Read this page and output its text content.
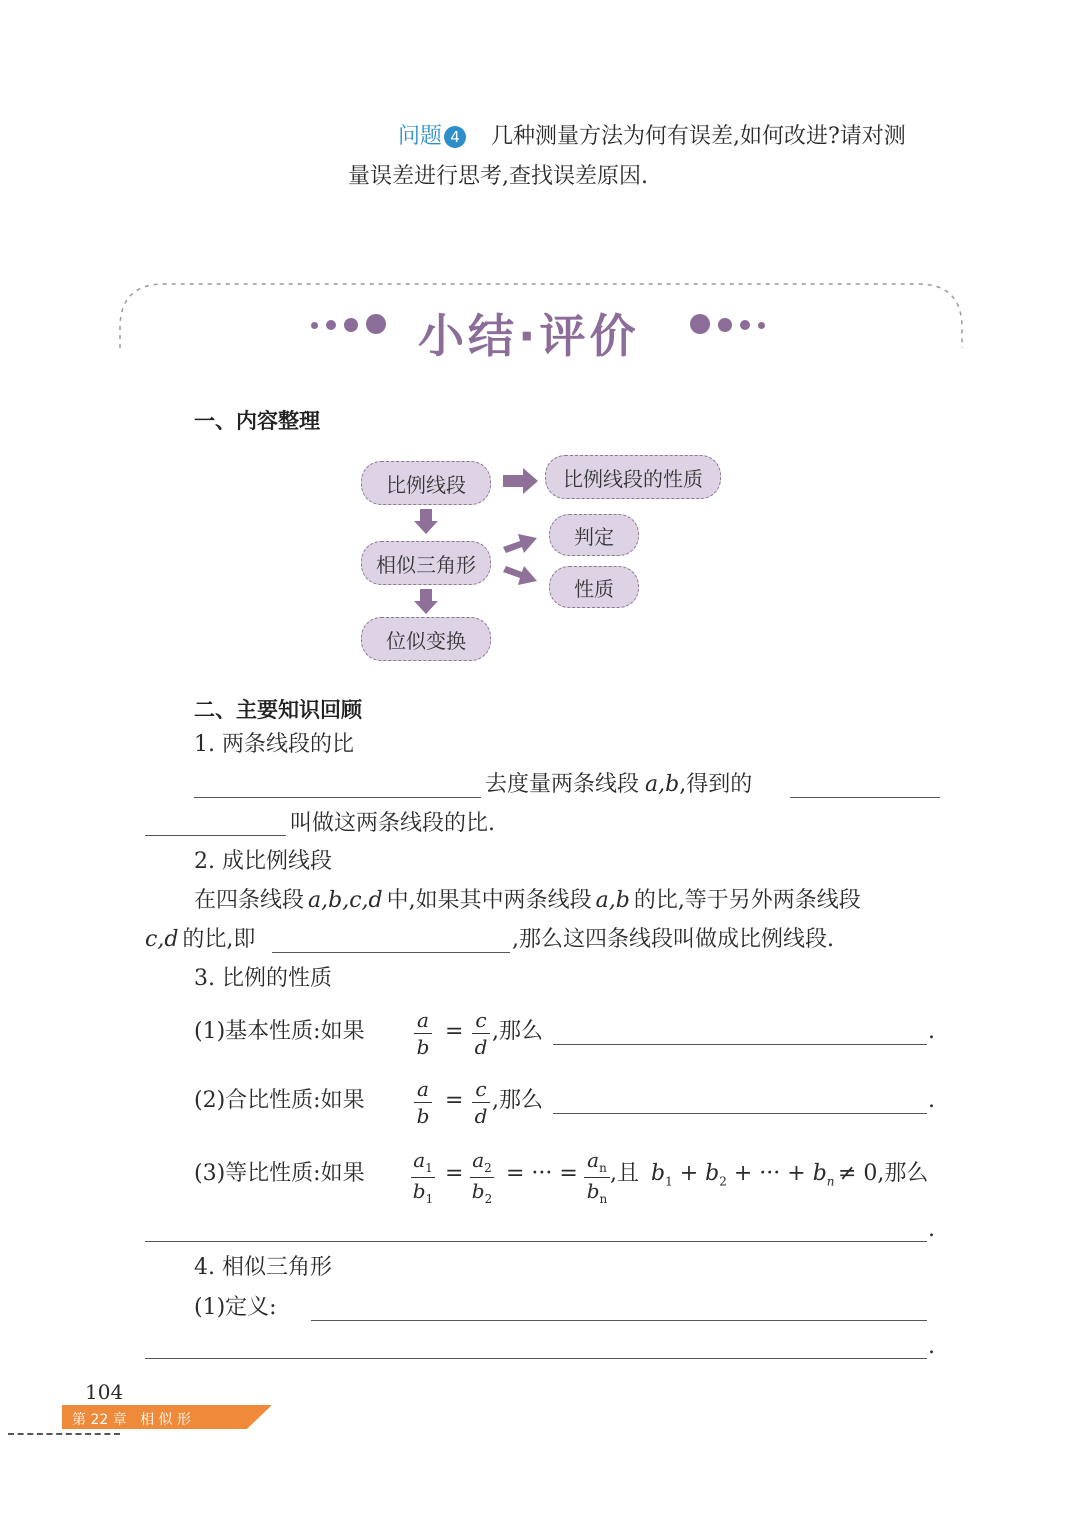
问题 4 几种测量方法为何有误差,如何改进?请对测
量误差进行思考,查找误差原因.
小结·评价
一、内容整理
比例线段	比例线段的性质
相似三角形
判定
性质
位似变换
二、主要知识回顾
1. 两条线段的比
去度量两条线段 a,b,得到的
叫做这两条线段的比.
2. 成比例线段
在四条线段 a,b,c,d 中,如果其中两条线段 a,b 的比,等于另外两条线段
c,d 的比,即	,那么这四条线段叫做成比例线段.
3. 比例的性质
(1)基本性质:如果	a
b
= c
d
,那么	.
(2)合比性质:如果	a
b
= c
d
,那么	.
(3)等比性质:如果
$a_1$
$b_1$
=
$a_2$
$b_2$
= ··· =
$a_n$
$b_n$
,且 $b_1 + b_2$ + ··· + $b_n \ne 0$,那么
.
4. 相似三角形
(1)定义:
.
104
第 22 章   相 似 形
